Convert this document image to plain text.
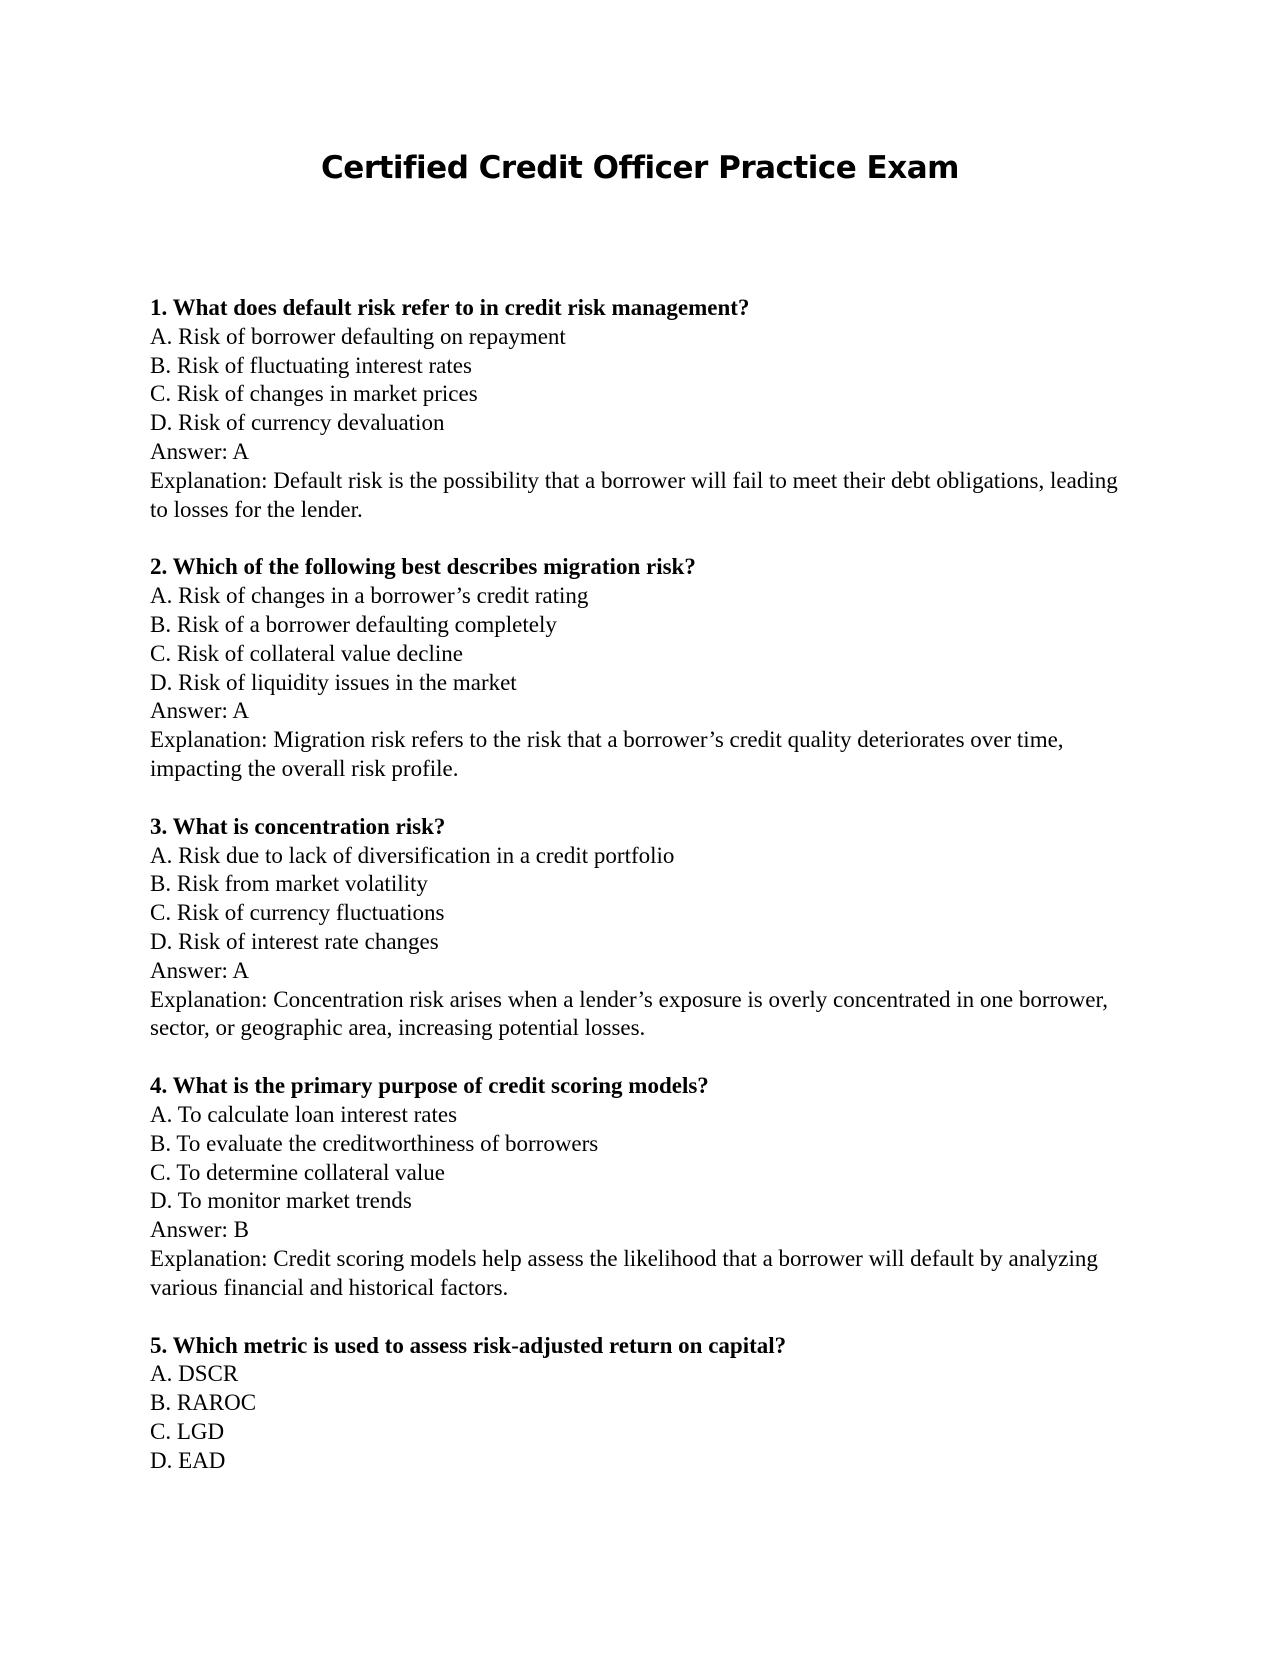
Certified Credit Officer Practice Exam

1. What does default risk refer to in credit risk management?

A. Risk of borrower defaulting on repayment

B. Risk of fluctuating interest rates

C. Risk of changes in market prices

D. Risk of currency devaluation

Answer: A

Explanation: Default risk is the possibility that a borrower will fail to meet their debt obligations, leading to losses for the lender.

2. Which of the following best describes migration risk?

A. Risk of changes in a borrower’s credit rating

B. Risk of a borrower defaulting completely

C. Risk of collateral value decline

D. Risk of liquidity issues in the market

Answer: A

Explanation: Migration risk refers to the risk that a borrower’s credit quality deteriorates over time, impacting the overall risk profile.

3. What is concentration risk?

A. Risk due to lack of diversification in a credit portfolio

B. Risk from market volatility

C. Risk of currency fluctuations

D. Risk of interest rate changes

Answer: A

Explanation: Concentration risk arises when a lender’s exposure is overly concentrated in one borrower, sector, or geographic area, increasing potential losses.

4. What is the primary purpose of credit scoring models?

A. To calculate loan interest rates

B. To evaluate the creditworthiness of borrowers

C. To determine collateral value

D. To monitor market trends

Answer: B

Explanation: Credit scoring models help assess the likelihood that a borrower will default by analyzing various financial and historical factors.

5. Which metric is used to assess risk-adjusted return on capital?

A. DSCR

B. RAROC

C. LGD

D. EAD
